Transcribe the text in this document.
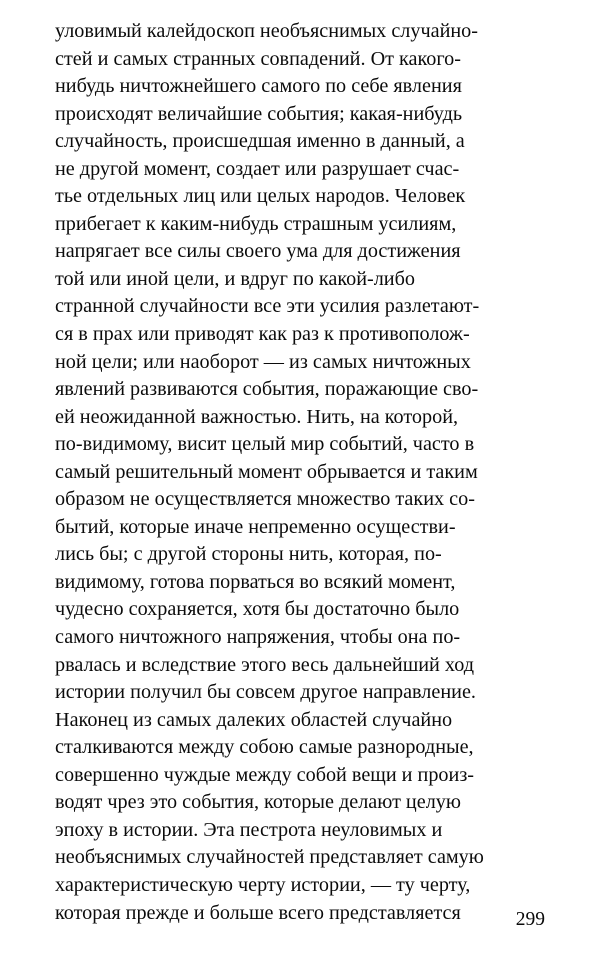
уловимый калейдоскоп необъяснимых случайно-
стей и самых странных совпадений. От какого-
нибудь ничтожнейшего самого по себе явления
происходят величайшие события; какая-нибудь
случайность, происшедшая именно в данный, а
не другой момент, создает или разрушает счас-
тье отдельных лиц или целых народов. Человек
прибегает к каким-нибудь страшным усилиям,
напрягает все силы своего ума для достижения
той или иной цели, и вдруг по какой-либо
странной случайности все эти усилия разлетают-
ся в прах или приводят как раз к противополож-
ной цели; или наоборот — из самых ничтожных
явлений развиваются события, поражающие сво-
ей неожиданной важностью. Нить, на которой,
по-видимому, висит целый мир событий, часто в
самый решительный момент обрывается и таким
образом не осуществляется множество таких со-
бытий, которые иначе непременно осуществи-
лись бы; с другой стороны нить, которая, по-
видимому, готова порваться во всякий момент,
чудесно сохраняется, хотя бы достаточно было
самого ничтожного напряжения, чтобы она по-
рвалась и вследствие этого весь дальнейший ход
истории получил бы совсем другое направление.
Наконец из самых далеких областей случайно
сталкиваются между собою самые разнородные,
совершенно чуждые между собой вещи и произ-
водят чрез это события, которые делают целую
эпоху в истории. Эта пестрота неуловимых и
необъяснимых случайностей представляет самую
характеристическую черту истории, — ту черту,
которая прежде и больше всего представляется	299
